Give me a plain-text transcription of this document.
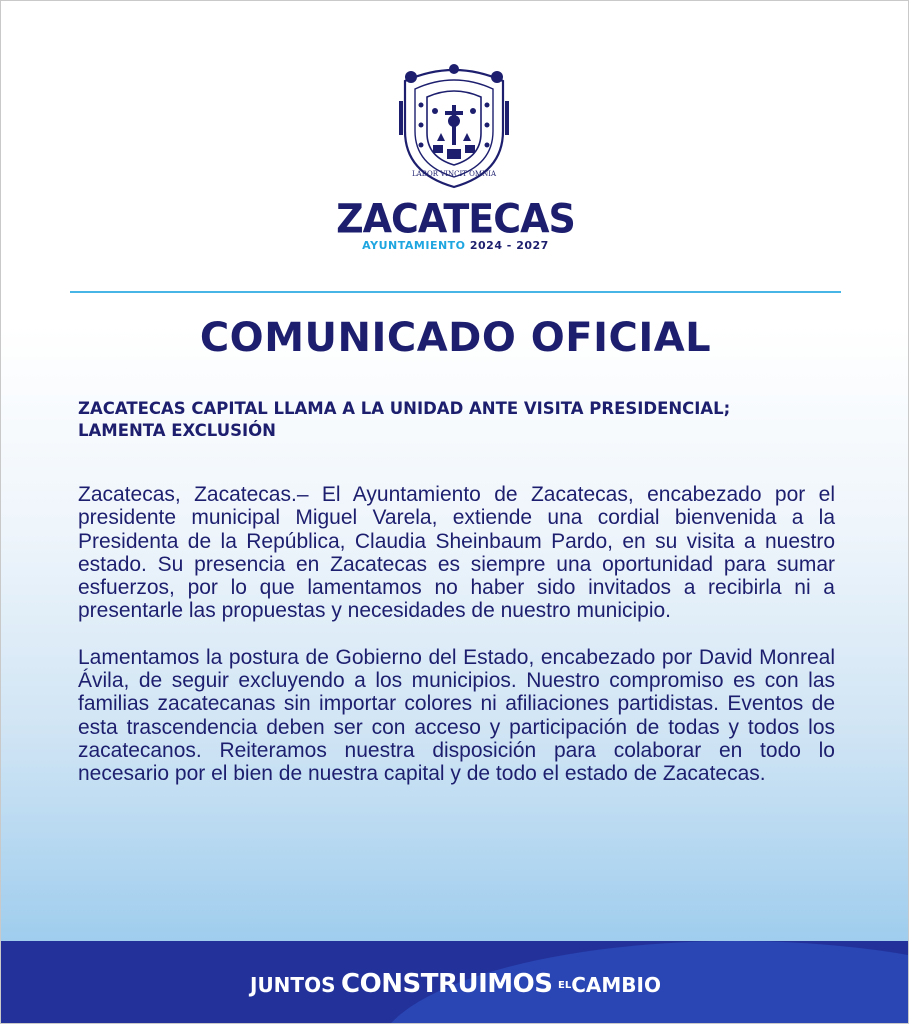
LABOR VINCIT OMNIA
ZACATECAS
AYUNTAMIENTO 2024 - 2027
COMUNICADO OFICIAL
ZACATECAS CAPITAL LLAMA A LA UNIDAD ANTE VISITA PRESIDENCIAL;
LAMENTA EXCLUSIÓN

Zacatecas, Zacatecas.– El Ayuntamiento de Zacatecas, encabezado por el presidente municipal Miguel Varela, extiende una cordial bienvenida a la Presidenta de la República, Claudia Sheinbaum Pardo, en su visita a nuestro estado. Su presencia en Zacatecas es siempre una oportunidad para sumar esfuerzos, por lo que lamentamos no haber sido invitados a recibirla ni a presentarle las propuestas y necesidades de nuestro municipio.

Lamentamos la postura de Gobierno del Estado, encabezado por David Monreal Ávila, de seguir excluyendo a los municipios. Nuestro compromiso es con las familias zacatecanas sin importar colores ni afiliaciones partidistas. Eventos de esta trascendencia deben ser con acceso y participación de todas y todos los zacatecanos. Reiteramos nuestra disposición para colaborar en todo lo necesario por el bien de nuestra capital y de todo el estado de Zacatecas.

JUNTOS CONSTRUIMOS $^{EL}$CAMBIO
